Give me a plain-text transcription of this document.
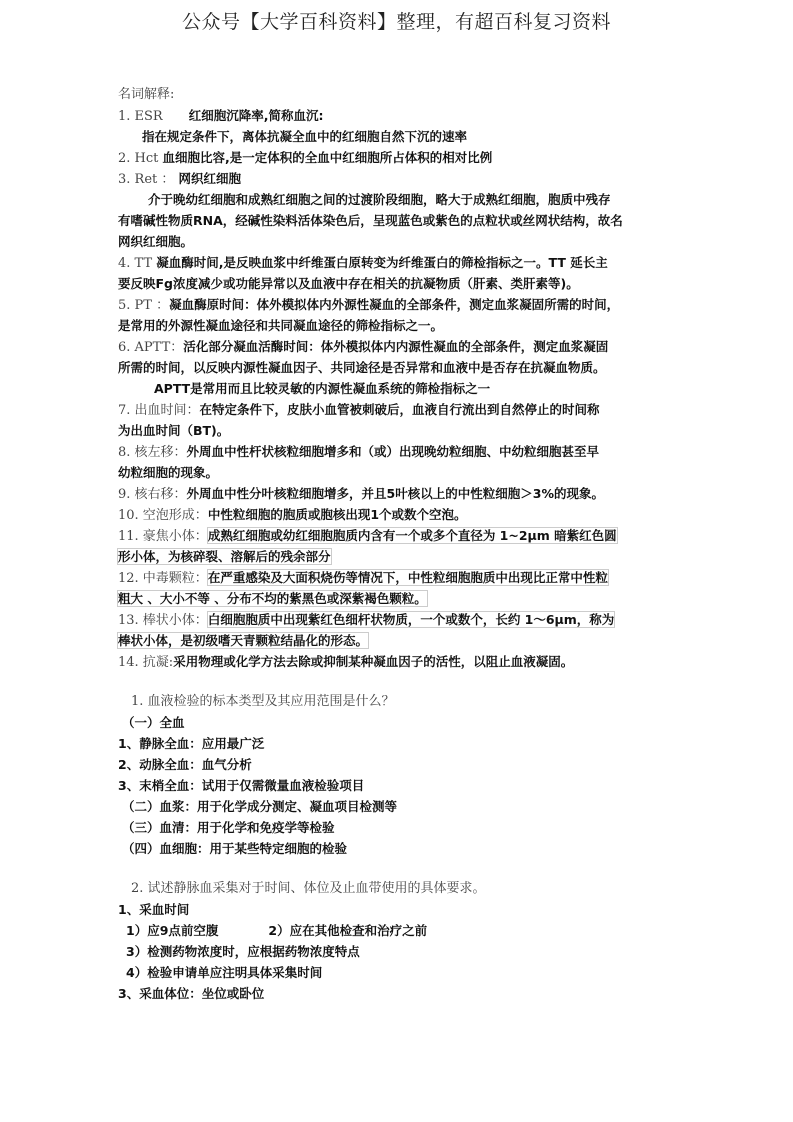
公众号【大学百科资料】整理，有超百科复习资料
名词解释:
1. ESR　　红细胞沉降率,简称血沉:
指在规定条件下，离体抗凝全血中的红细胞自然下沉的速率
2. Hct 血细胞比容,是一定体积的全血中红细胞所占体积的相对比例
3. Ret ： 网织红细胞
介于晚幼红细胞和成熟红细胞之间的过渡阶段细胞，略大于成熟红细胞，胞质中残存
有嗜碱性物质RNA，经碱性染料活体染色后，呈现蓝色或紫色的点粒状或丝网状结构，故名
网织红细胞。
4. TT 凝血酶时间,是反映血浆中纤维蛋白原转变为纤维蛋白的筛检指标之一。TT 延长主
要反映Fg浓度减少或功能异常以及血液中存在相关的抗凝物质（肝素、类肝素等)。
5. PT ：凝血酶原时间：体外模拟体内外源性凝血的全部条件，测定血浆凝固所需的时间，
是常用的外源性凝血途径和共同凝血途径的筛检指标之一。
6. APTT：活化部分凝血活酶时间：体外模拟体内内源性凝血的全部条件，测定血浆凝固
所需的时间，以反映内源性凝血因子、共同途径是否异常和血液中是否存在抗凝血物质。
APTT是常用而且比较灵敏的内源性凝血系统的筛检指标之一
7. 出血时间：在特定条件下，皮肤小血管被刺破后，血液自行流出到自然停止的时间称
为出血时间（BT)。
8. 核左移：外周血中性杆状核粒细胞增多和（或）出现晚幼粒细胞、中幼粒细胞甚至早
幼粒细胞的现象。
9. 核右移：外周血中性分叶核粒细胞增多，并且5叶核以上的中性粒细胞＞3%的现象。
10. 空泡形成：中性粒细胞的胞质或胞核出现1个或数个空泡。
11. 豪焦小体：成熟红细胞或幼红细胞胞质内含有一个或多个直径为 1~2μm 暗紫红色圆
形小体，为核碎裂、溶解后的残余部分
12. 中毒颗粒：在严重感染及大面积烧伤等情况下，中性粒细胞胞质中出现比正常中性粒
粗大 、大小不等 、分布不均的紫黑色或深紫褐色颗粒。
13. 棒状小体：白细胞胞质中出现紫红色细杆状物质，一个或数个，长约 1～6μm，称为
棒状小体，是初级嗜天青颗粒结晶化的形态。
14. 抗凝:采用物理或化学方法去除或抑制某种凝血因子的活性，以阻止血液凝固。
　1. 血液检验的标本类型及其应用范围是什么？
（一）全血
1、静脉全血：应用最广泛
2、动脉全血：血气分析
3、末梢全血：试用于仅需微量血液检验项目
（二）血浆：用于化学成分测定、凝血项目检测等
（三）血清：用于化学和免疫学等检验
（四）血细胞：用于某些特定细胞的检验
　2. 试述静脉血采集对于时间、体位及止血带使用的具体要求。
1、采血时间
1）应9点前空腹　　　　2）应在其他检查和治疗之前
3）检测药物浓度时，应根据药物浓度特点
4）检验申请单应注明具体采集时间
3、采血体位：坐位或卧位
